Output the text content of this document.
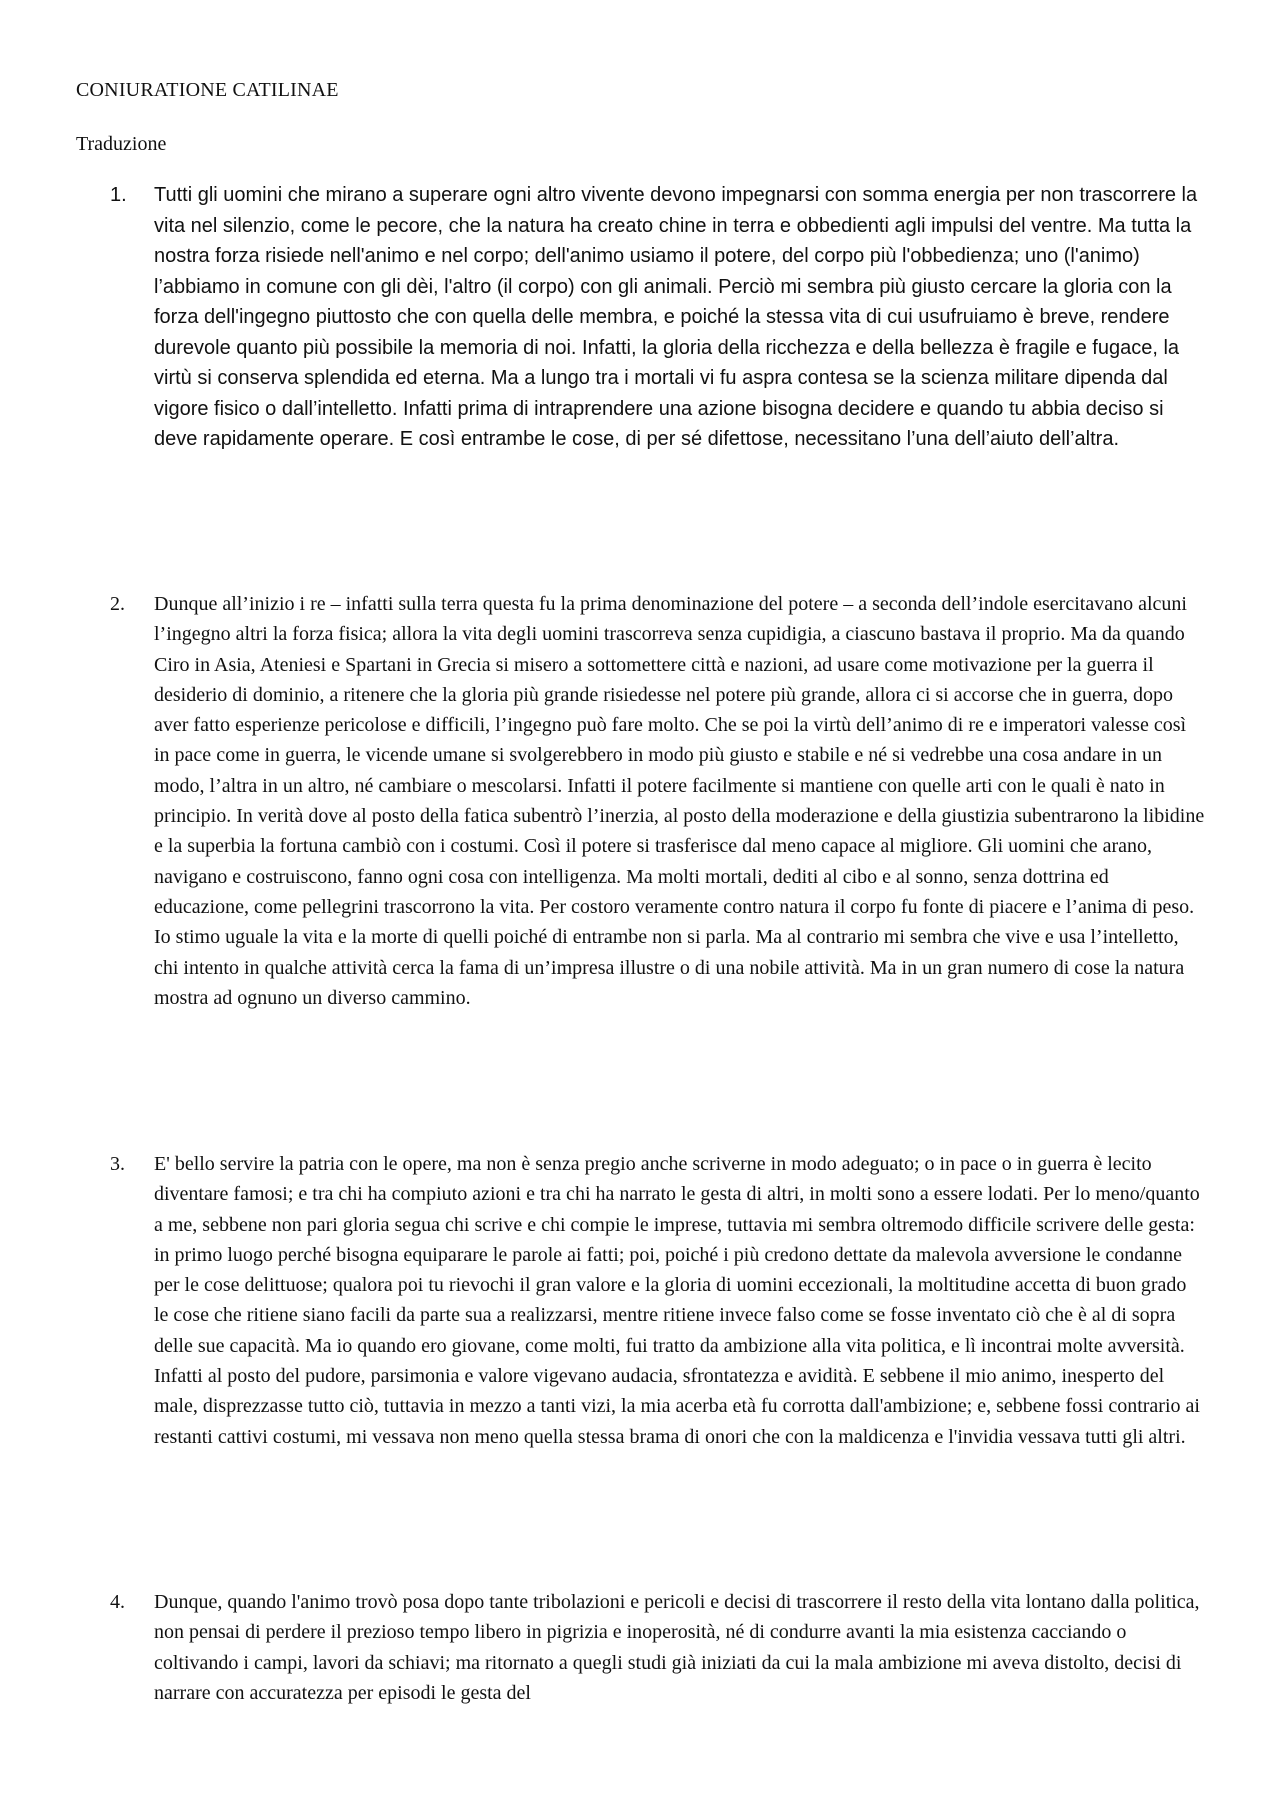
CONIURATIONE CATILINAE
Traduzione
1.	Tutti gli uomini che mirano a superare ogni altro vivente devono impegnarsi con somma energia per non trascorrere la vita nel silenzio, come le pecore, che la natura ha creato chine in terra e obbedienti agli impulsi del ventre. Ma tutta la nostra forza risiede nell'animo e nel corpo; dell'animo usiamo il potere, del corpo più l'obbedienza; uno (l'animo) l’abbiamo in comune con gli dèi, l'altro (il corpo) con gli animali. Perciò mi sembra più giusto cercare la gloria con la forza dell'ingegno piuttosto che con quella delle membra, e poiché la stessa vita di cui usufruiamo è breve, rendere durevole quanto più possibile la memoria di noi. Infatti, la gloria della ricchezza e della bellezza è fragile e fugace, la virtù si conserva splendida ed eterna. Ma a lungo tra i mortali vi fu aspra contesa se la scienza militare dipenda dal vigore fisico o dall’intelletto. Infatti prima di intraprendere una azione bisogna decidere e quando tu abbia deciso si deve rapidamente operare. E così entrambe le cose, di per sé difettose, necessitano l’una dell’aiuto dell’altra.

2.	Dunque all’inizio i re – infatti sulla terra questa fu la prima denominazione del potere – a seconda dell’indole esercitavano alcuni l’ingegno altri la forza fisica; allora la vita degli uomini trascorreva senza cupidigia, a ciascuno bastava il proprio. Ma da quando Ciro in Asia, Ateniesi e Spartani in Grecia si misero a sottomettere città e nazioni, ad usare come motivazione per la guerra il desiderio di dominio, a ritenere che la gloria più grande risiedesse nel potere più grande, allora ci si accorse che in guerra, dopo aver fatto esperienze pericolose e difficili, l’ingegno può fare molto. Che se poi la virtù dell’animo di re e imperatori valesse così in pace come in guerra, le vicende umane si svolgerebbero in modo più giusto e stabile e né si vedrebbe una cosa andare in un modo, l’altra in un altro, né cambiare o mescolarsi. Infatti il potere facilmente si mantiene con quelle arti con le quali è nato in principio. In verità dove al posto della fatica subentrò l’inerzia, al posto della moderazione e della giustizia subentrarono la libidine e la superbia la fortuna cambiò con i costumi. Così il potere si trasferisce dal meno capace al migliore. Gli uomini che arano, navigano e costruiscono, fanno ogni cosa con intelligenza. Ma molti mortali, dediti al cibo e al sonno, senza dottrina ed educazione, come pellegrini trascorrono la vita. Per costoro veramente contro natura il corpo fu fonte di piacere e l’anima di peso. Io stimo uguale la vita e la morte di quelli poiché di entrambe non si parla. Ma al contrario mi sembra che vive e usa l’intelletto, chi intento in qualche attività cerca la fama di un’impresa illustre o di una nobile attività. Ma in un gran numero di cose la natura mostra ad ognuno un diverso cammino.

3.	E' bello servire la patria con le opere, ma non è senza pregio anche scriverne in modo adeguato; o in pace o in guerra è lecito diventare famosi; e tra chi ha compiuto azioni e tra chi ha narrato le gesta di altri, in molti sono a essere lodati. Per lo meno/quanto a me, sebbene non pari gloria segua chi scrive e chi compie le imprese, tuttavia mi sembra oltremodo difficile scrivere delle gesta: in primo luogo perché bisogna equiparare le parole ai fatti; poi, poiché i più credono dettate da malevola avversione le condanne per le cose delittuose; qualora poi tu rievochi il gran valore e la gloria di uomini eccezionali, la moltitudine accetta di buon grado le cose che ritiene siano facili da parte sua a realizzarsi, mentre ritiene invece falso come se fosse inventato ciò che è al di sopra delle sue capacità. Ma io quando ero giovane, come molti, fui tratto da ambizione alla vita politica, e lì incontrai molte avversità. Infatti al posto del pudore, parsimonia e valore vigevano audacia, sfrontatezza e avidità. E sebbene il mio animo, inesperto del male, disprezzasse tutto ciò, tuttavia in mezzo a tanti vizi, la mia acerba età fu corrotta dall'ambizione; e, sebbene fossi contrario ai restanti cattivi costumi, mi vessava non meno quella stessa brama di onori che con la maldicenza e l'invidia vessava tutti gli altri.

4.	Dunque, quando l'animo trovò posa dopo tante tribolazioni e pericoli e decisi di trascorrere il resto della vita lontano dalla politica, non pensai di perdere il prezioso tempo libero in pigrizia e inoperosità, né di condurre avanti la mia esistenza cacciando o coltivando i campi, lavori da schiavi; ma ritornato a quegli studi già iniziati da cui la mala ambizione mi aveva distolto, decisi di narrare con accuratezza per episodi le gesta del
